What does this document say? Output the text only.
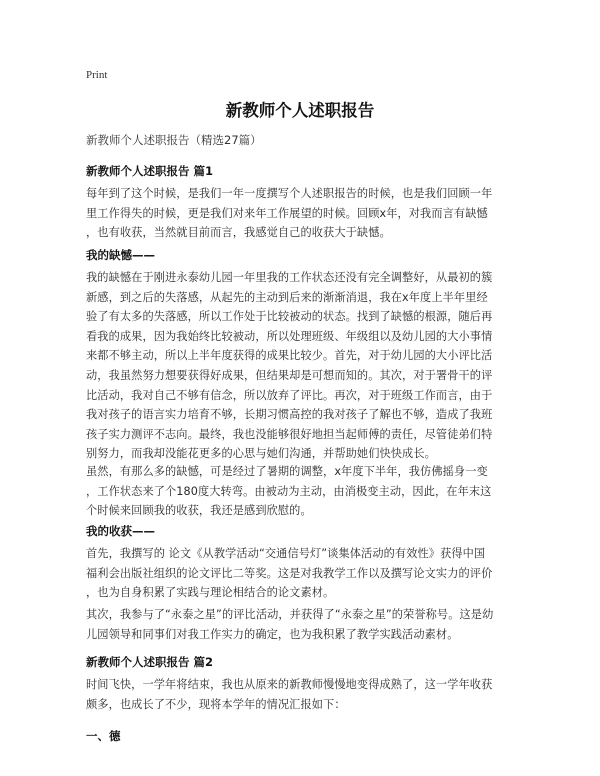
Print
新教师个人述职报告
新教师个人述职报告（精选27篇）
新教师个人述职报告 篇1
每年到了这个时候，是我们一年一度撰写个人述职报告的时候，也是我们回顾一年
里工作得失的时候，更是我们对来年工作展望的时候。回顾x年，对我而言有缺憾
，也有收获，当然就目前而言，我感觉自己的收获大于缺憾。
我的缺憾——
我的缺憾在于刚进永泰幼儿园一年里我的工作状态还没有完全调整好，从最初的簇
新感，到之后的失落感，从起先的主动到后来的渐渐消退，我在x年度上半年里经
验了有太多的失落感，所以工作处于比较被动的状态。找到了缺憾的根源，随后再
看我的成果，因为我始终比较被动，所以处理班级、年级组以及幼儿园的大小事情
来都不够主动，所以上半年度获得的成果比较少。首先，对于幼儿园的大小评比活
动，我虽然努力想要获得好成果，但结果却是可想而知的。其次，对于署骨干的评
比活动，我对自己不够有信念，所以放弃了评比。再次，对于班级工作而言，由于
我对孩子的语言实力培育不够，长期习惯高控的我对孩子了解也不够，造成了我班
孩子实力测评不志向。最终，我也没能够很好地担当起师傅的责任，尽管徒弟们特
别努力，而我却没能花更多的心思与她们沟通，并帮助她们快快成长。
虽然，有那么多的缺憾，可是经过了暑期的调整，x年度下半年，我仿佛摇身一变
，工作状态来了个180度大转弯。由被动为主动，由消极变主动，因此，在年末这
个时候来回顾我的收获，我还是感到欣慰的。
我的收获——
首先，我撰写的 论文《从教学活动“交通信号灯”谈集体活动的有效性》获得中国
福利会出版社组织的论文评比二等奖。这是对我教学工作以及撰写论文实力的评价
，也为自身积累了实践与理论相结合的论文素材。
其次，我参与了“永泰之星”的评比活动，并获得了“永泰之星”的荣誉称号。这是幼
儿园领导和同事们对我工作实力的确定，也为我积累了教学实践活动素材。
新教师个人述职报告 篇2
时间飞快，一学年将结束，我也从原来的新教师慢慢地变得成熟了，这一学年收获
颇多，也成长了不少，现将本学年的情况汇报如下：
一、德
